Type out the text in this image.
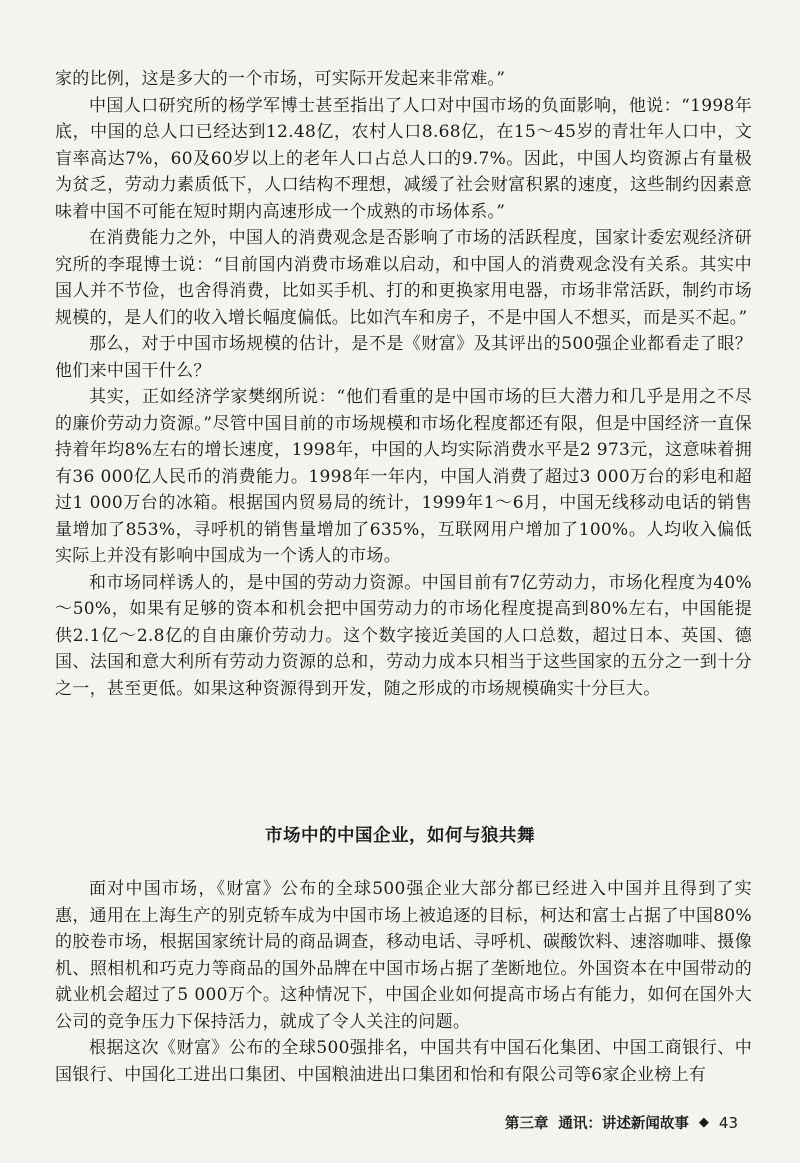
家的比例，这是多大的一个市场，可实际开发起来非常难。”

中国人口研究所的杨学军博士甚至指出了人口对中国市场的负面影响，他说：“1998年底，中国的总人口已经达到12.48亿，农村人口8.68亿，在15～45岁的青壮年人口中，文盲率高达7%，60及60岁以上的老年人口占总人口的9.7%。因此，中国人均资源占有量极为贫乏，劳动力素质低下，人口结构不理想，减缓了社会财富积累的速度，这些制约因素意味着中国不可能在短时期内高速形成一个成熟的市场体系。”

在消费能力之外，中国人的消费观念是否影响了市场的活跃程度，国家计委宏观经济研究所的李琨博士说：“目前国内消费市场难以启动，和中国人的消费观念没有关系。其实中国人并不节俭，也舍得消费，比如买手机、打的和更换家用电器，市场非常活跃，制约市场规模的，是人们的收入增长幅度偏低。比如汽车和房子，不是中国人不想买，而是买不起。”

那么，对于中国市场规模的估计，是不是《财富》及其评出的500强企业都看走了眼？他们来中国干什么？

其实，正如经济学家樊纲所说：“他们看重的是中国市场的巨大潜力和几乎是用之不尽的廉价劳动力资源。”尽管中国目前的市场规模和市场化程度都还有限，但是中国经济一直保持着年均8%左右的增长速度，1998年，中国的人均实际消费水平是2 973元，这意味着拥有36 000亿人民币的消费能力。1998年一年内，中国人消费了超过3 000万台的彩电和超过1 000万台的冰箱。根据国内贸易局的统计，1999年1～6月，中国无线移动电话的销售量增加了853%，寻呼机的销售量增加了635%，互联网用户增加了100%。人均收入偏低实际上并没有影响中国成为一个诱人的市场。

和市场同样诱人的，是中国的劳动力资源。中国目前有7亿劳动力，市场化程度为40%～50%，如果有足够的资本和机会把中国劳动力的市场化程度提高到80%左右，中国能提供2.1亿～2.8亿的自由廉价劳动力。这个数字接近美国的人口总数，超过日本、英国、德国、法国和意大利所有劳动力资源的总和，劳动力成本只相当于这些国家的五分之一到十分之一，甚至更低。如果这种资源得到开发，随之形成的市场规模确实十分巨大。

市场中的中国企业，如何与狼共舞

面对中国市场，《财富》公布的全球500强企业大部分都已经进入中国并且得到了实惠，通用在上海生产的别克轿车成为中国市场上被追逐的目标，柯达和富士占据了中国80%的胶卷市场，根据国家统计局的商品调查，移动电话、寻呼机、碳酸饮料、速溶咖啡、摄像机、照相机和巧克力等商品的国外品牌在中国市场占据了垄断地位。外国资本在中国带动的就业机会超过了5 000万个。这种情况下，中国企业如何提高市场占有能力，如何在国外大公司的竞争压力下保持活力，就成了令人关注的问题。

根据这次《财富》公布的全球500强排名，中国共有中国石化集团、中国工商银行、中国银行、中国化工进出口集团、中国粮油进出口集团和怡和有限公司等6家企业榜上有

第三章 通讯：讲述新闻故事 ◆ 43
